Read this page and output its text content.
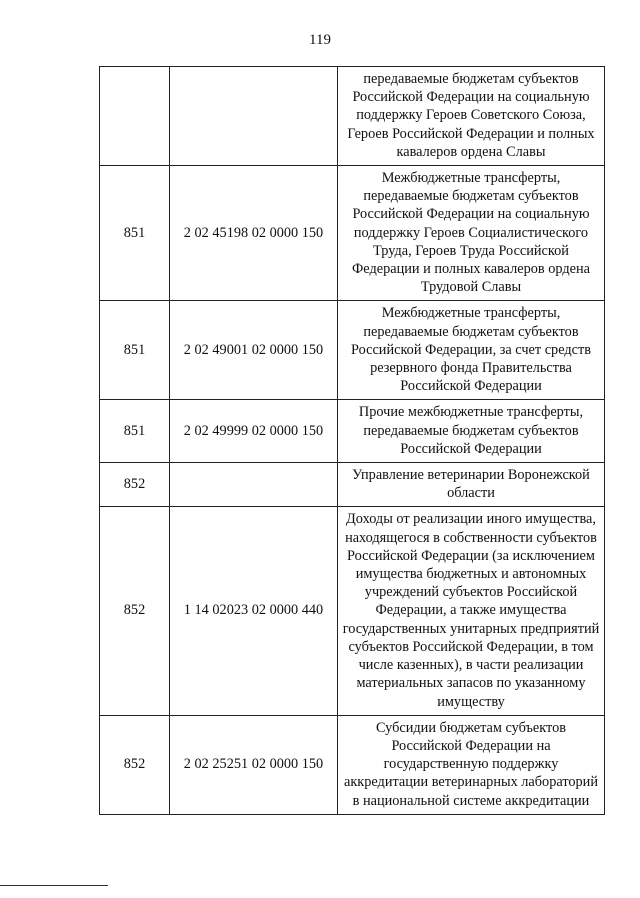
119
		передаваемые бюджетам субъектов Российской Федерации на социальную поддержку Героев Советского Союза, Героев Российской Федерации и полных кавалеров ордена Славы
851	2 02 45198 02 0000 150	Межбюджетные трансферты, передаваемые бюджетам субъектов Российской Федерации на социальную поддержку Героев Социалистического Труда, Героев Труда Российской Федерации и полных кавалеров ордена Трудовой Славы
851	2 02 49001 02 0000 150	Межбюджетные трансферты, передаваемые бюджетам субъектов Российской Федерации, за счет средств резервного фонда Правительства Российской Федерации
851	2 02 49999 02 0000 150	Прочие межбюджетные трансферты, передаваемые бюджетам субъектов Российской Федерации
852		Управление ветеринарии Воронежской области
852	1 14 02023 02 0000 440	Доходы от реализации иного имущества, находящегося в собственности субъектов Российской Федерации (за исключением имущества бюджетных и автономных учреждений субъектов Российской Федерации, а также имущества государственных унитарных предприятий субъектов Российской Федерации, в том числе казенных), в части реализации материальных запасов по указанному имуществу
852	2 02 25251 02 0000 150	Субсидии бюджетам субъектов Российской Федерации на государственную поддержку аккредитации ветеринарных лабораторий в национальной системе аккредитации
